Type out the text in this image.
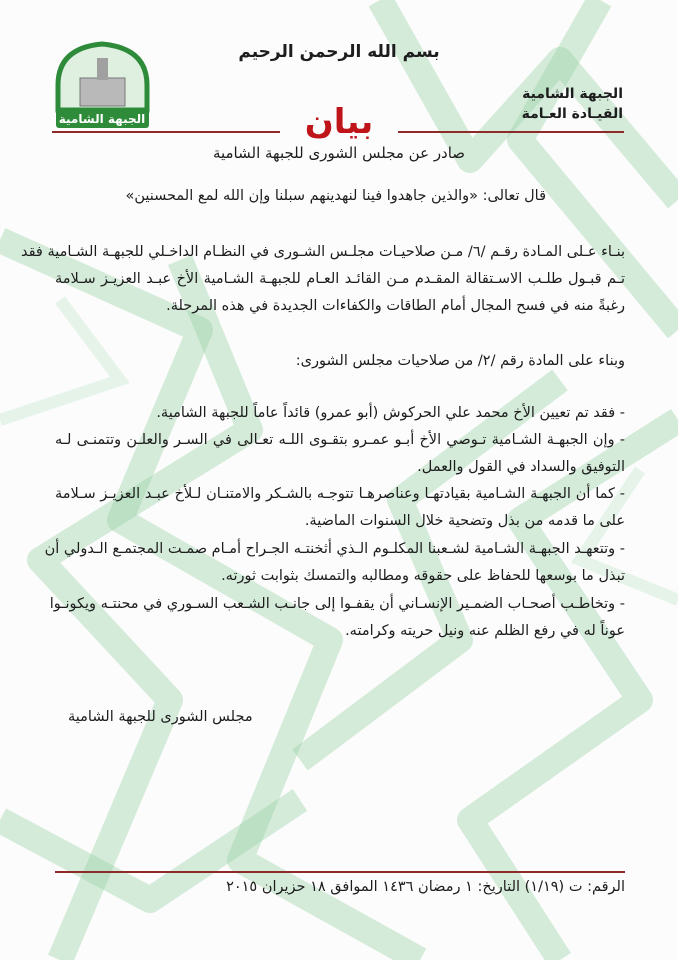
بسم الله الرحمن الرحيم
الجبهة الشامية
الجبهة الشامية
القيـادة العـامة
بيان
صادر عن مجلس الشورى للجبهة الشامية
قال تعالى: «والذين جاهدوا فينا لنهدينهم سبلنا وإن الله لمع المحسنين»
بنـاء عـلى المـادة رقـم /٦/ مـن صلاحيـات مجلـس الشـورى في النظـام الداخـلي للجبهـة الشـامية فقد
تـم قبـول طلـب الاسـتقالة المقـدم مـن القائـد العـام للجبهـة الشـامية الأخ عبـد العزيـز سـلامة
رغبةً منه في فسح المجال أمام الطاقات والكفاءات الجديدة في هذه المرحلة.
وبناء على المادة رقم /٢/ من صلاحيات مجلس الشورى:
- فقد تم تعيين الأخ محمد علي الحركوش (أبو عمرو) قائداً عاماً للجبهة الشامية.
- وإن الجبهـة الشـامية تـوصي الأخ أبـو عمـرو بتقـوى اللـه تعـالى في السـر والعلـن وتتمنـى لـه
التوفيق والسداد في القول والعمل.
- كما أن الجبهـة الشـامية بقيادتهـا وعناصرهـا تتوجـه بالشـكر والامتنـان لـلأخ عبـد العزيـز سـلامة
على ما قدمه من بذل وتضحية خلال السنوات الماضية.
- وتتعهـد الجبهـة الشـامية لشـعبنا المكلـوم الـذي أثخنتـه الجـراح أمـام صمـت المجتمـع الـدولي أن
تبذل ما بوسعها للحفاظ على حقوقه ومطالبه والتمسك بثوابت ثورته.
- وتخاطـب أصحـاب الضمـير الإنسـاني أن يقفـوا إلى جانـب الشـعب السـوري في محنتـه ويكونـوا
عوناً له في رفع الظلم عنه ونيل حريته وكرامته.
مجلس الشورى للجبهة الشامية
الرقم: ت (١/١٩) التاريخ: ١ رمضان ١٤٣٦ الموافق ١٨ حزيران ٢٠١٥
